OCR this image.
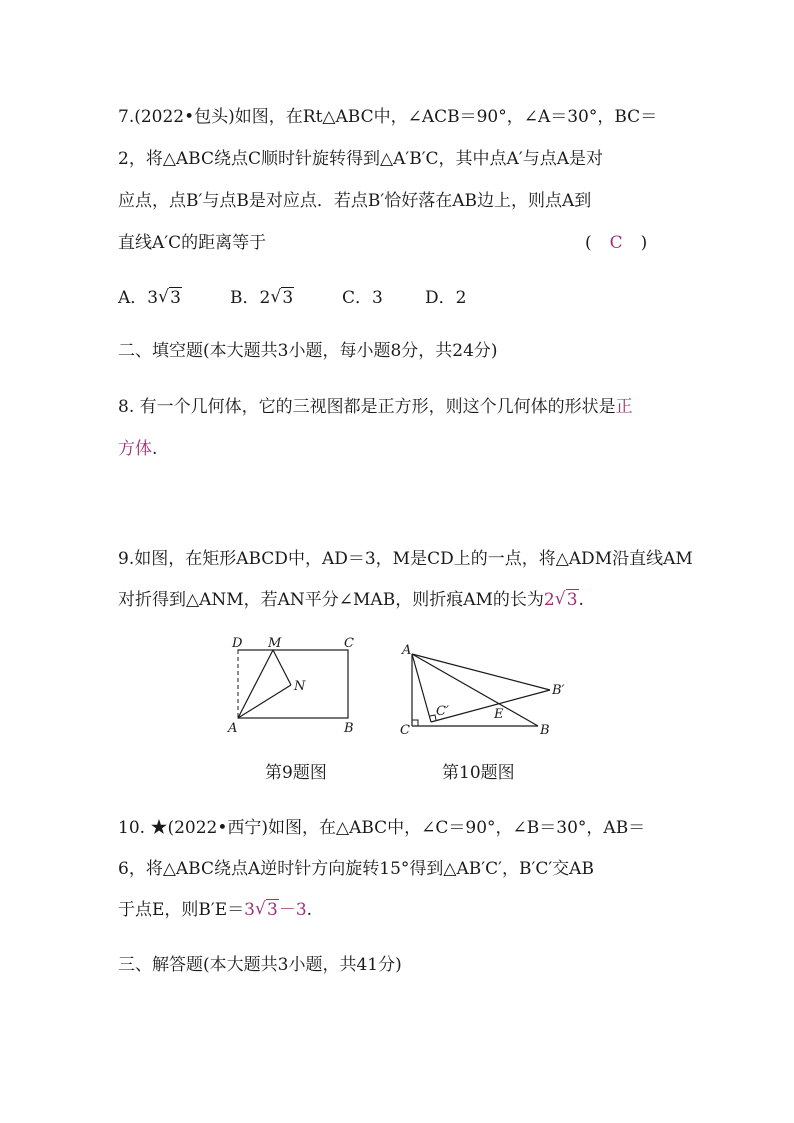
7.(2022•包头)如图，在Rt△ABC中，∠ACB＝90°，∠A＝30°，BC＝
2，将△ABC绕点C顺时针旋转得到△A′B′C，其中点A′与点A是对
应点，点B′与点B是对应点．若点B′恰好落在AB边上，则点A到
直线A′C的距离等于	( C )
A．3 √ 3	B．2 √ 3	C．3 D．2
二、填空题(本大题共3小题，每小题8分，共24分)
8. 有一个几何体，它的三视图都是正方形，则这个几何体的形状是正
方体.
9.如图，在矩形ABCD中，AD＝3，M是CD上的一点，将△ADM沿直线AM
对折得到△ANM，若AN平分∠MAB，则折痕AM的长为2 √ 3.
D M	C
N
A	B
第9题图
A
B′
C′	E
C	B
第10题图
10. ★(2022•西宁)如图，在△ABC中，∠C＝90°，∠B＝30°，AB＝
6，将△ABC绕点A逆时针方向旋转15°得到△AB′C′，B′C′交AB
于点E，则B′E＝3 √ 3－3.
三、解答题(本大题共3小题，共41分)
